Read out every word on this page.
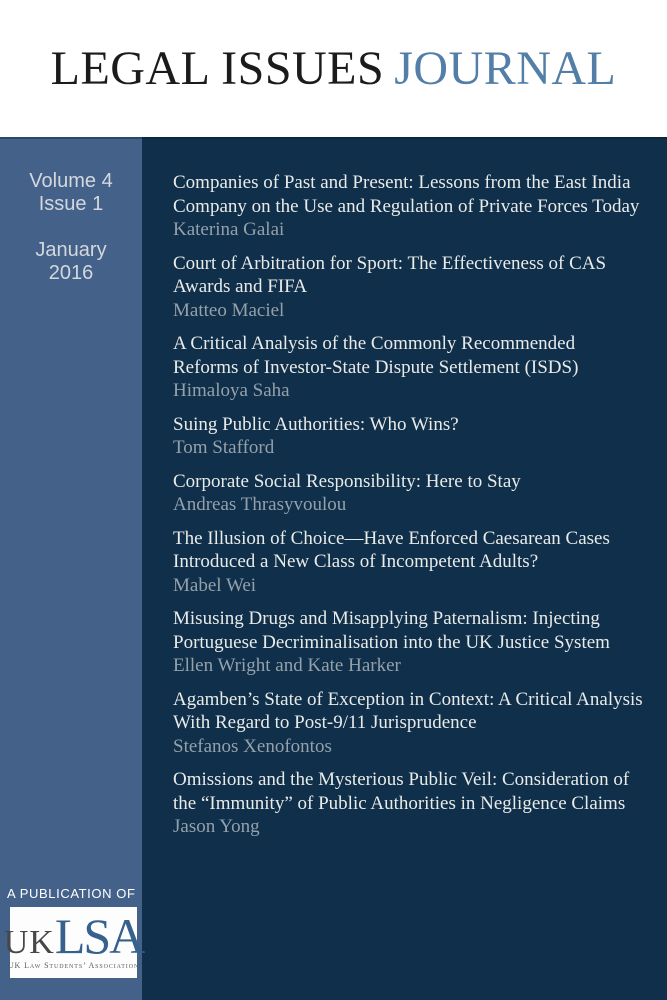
LEGAL ISSUES JOURNAL
Volume 4
Issue 1
January
2016
A PUBLICATION OF
UK LSA
UK Law Students’ Association
Companies of Past and Present: Lessons from the East India Company on the Use and Regulation of Private Forces Today
Katerina Galai
Court of Arbitration for Sport: The Effectiveness of CAS Awards and FIFA
Matteo Maciel
A Critical Analysis of the Commonly Recommended Reforms of Investor-State Dispute Settlement (ISDS)
Himaloya Saha
Suing Public Authorities: Who Wins?
Tom Stafford
Corporate Social Responsibility: Here to Stay
Andreas Thrasyvoulou
The Illusion of Choice—Have Enforced Caesarean Cases Introduced a New Class of Incompetent Adults?
Mabel Wei
Misusing Drugs and Misapplying Paternalism: Injecting Portuguese Decriminalisation into the UK Justice System
Ellen Wright and Kate Harker
Agamben’s State of Exception in Context: A Critical Analysis With Regard to Post-9/11 Jurisprudence
Stefanos Xenofontos
Omissions and the Mysterious Public Veil: Consideration of the “Immunity” of Public Authorities in Negligence Claims
Jason Yong
